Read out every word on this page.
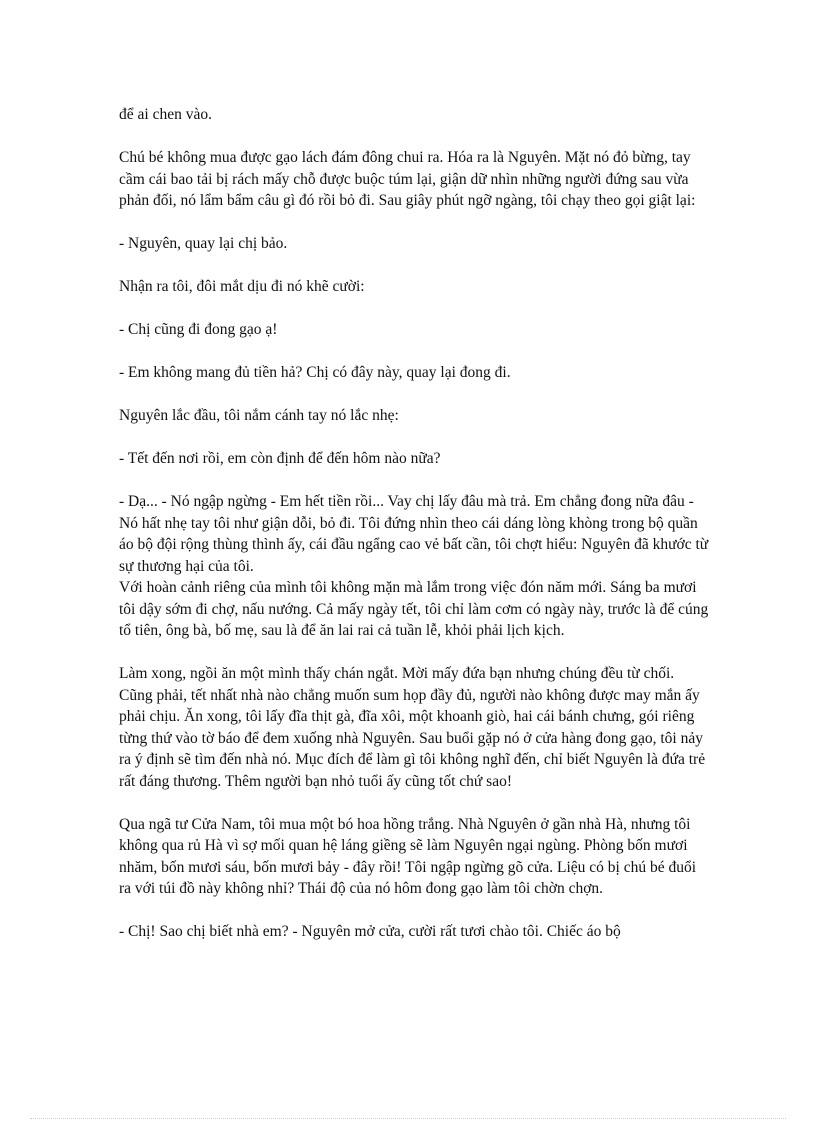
để ai chen vào.

Chú bé không mua được gạo lách đám đông chui ra. Hóa ra là Nguyên. Mặt nó đỏ bừng, tay cầm cái bao tải bị rách mấy chỗ được buộc túm lại, giận dữ nhìn những người đứng sau vừa phản đối, nó lẩm bẩm câu gì đó rồi bỏ đi. Sau giây phút ngỡ ngàng, tôi chạy theo gọi giật lại:

- Nguyên, quay lại chị bảo.

Nhận ra tôi, đôi mắt dịu đi nó khẽ cười:

- Chị cũng đi đong gạo ạ!

- Em không mang đủ tiền hả? Chị có đây này, quay lại đong đi.

Nguyên lắc đầu, tôi nắm cánh tay nó lắc nhẹ:

- Tết đến nơi rồi, em còn định để đến hôm nào nữa?

- Dạ... - Nó ngập ngừng - Em hết tiền rồi... Vay chị lấy đâu mà trả. Em chẳng đong nữa đâu - Nó hất nhẹ tay tôi như giận dỗi, bỏ đi. Tôi đứng nhìn theo cái dáng lòng khòng trong bộ quần áo bộ đội rộng thùng thình ấy, cái đầu ngẩng cao vẻ bất cần, tôi chợt hiểu: Nguyên đã khước từ sự thương hại của tôi.

Với hoàn cảnh riêng của mình tôi không mặn mà lắm trong việc đón năm mới. Sáng ba mươi tôi dậy sớm đi chợ, nấu nướng. Cả mấy ngày tết, tôi chỉ làm cơm có ngày này, trước là để cúng tổ tiên, ông bà, bố mẹ, sau là để ăn lai rai cả tuần lễ, khỏi phải lịch kịch.

Làm xong, ngồi ăn một mình thấy chán ngắt. Mời mấy đứa bạn nhưng chúng đều từ chối. Cũng phải, tết nhất nhà nào chẳng muốn sum họp đầy đủ, người nào không được may mắn ấy phải chịu. Ăn xong, tôi lấy đĩa thịt gà, đĩa xôi, một khoanh giò, hai cái bánh chưng, gói riêng từng thứ vào tờ báo để đem xuống nhà Nguyên. Sau buổi gặp nó ở cửa hàng đong gạo, tôi nảy ra ý định sẽ tìm đến nhà nó. Mục đích để làm gì tôi không nghĩ đến, chỉ biết Nguyên là đứa trẻ rất đáng thương. Thêm người bạn nhỏ tuổi ấy cũng tốt chứ sao!

Qua ngã tư Cửa Nam, tôi mua một bó hoa hồng trắng. Nhà Nguyên ở gần nhà Hà, nhưng tôi không qua rủ Hà vì sợ mối quan hệ láng giềng sẽ làm Nguyên ngại ngùng. Phòng bốn mươi nhăm, bốn mươi sáu, bốn mươi bảy - đây rồi! Tôi ngập ngừng gõ cửa. Liệu có bị chú bé đuổi ra với túi đồ này không nhỉ? Thái độ của nó hôm đong gạo làm tôi chờn chợn.

- Chị! Sao chị biết nhà em? - Nguyên mở cửa, cười rất tươi chào tôi. Chiếc áo bộ
